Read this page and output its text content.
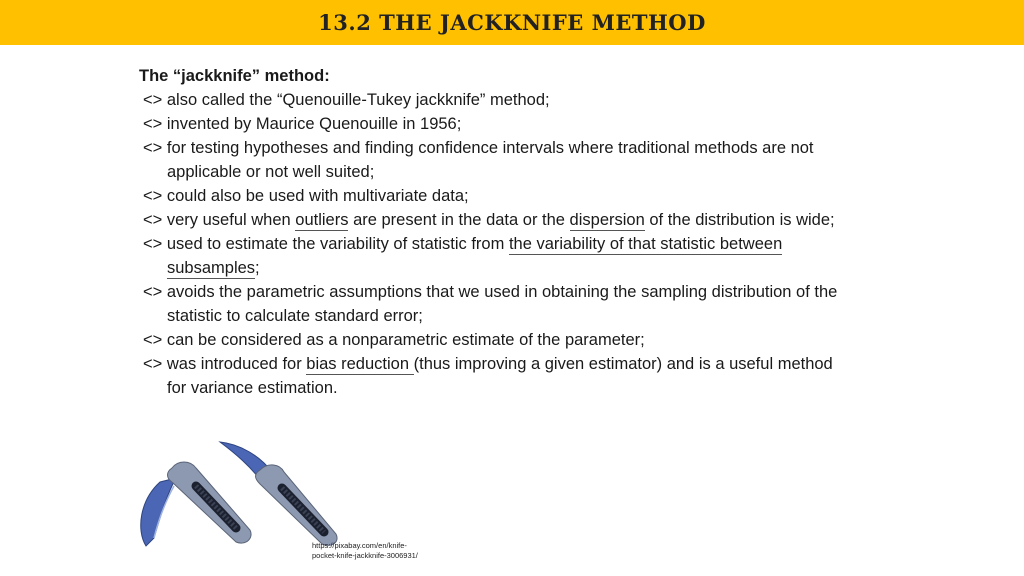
13.2 THE JACKKNIFE METHOD
The “jackknife” method:
<> also called the “Quenouille-Tukey jackknife” method;
<> invented by Maurice Quenouille in 1956;
<> for testing hypotheses and finding confidence intervals where traditional methods are not applicable or not well suited;
<> could also be used with multivariate data;
<> very useful when outliers are present in the data or the dispersion of the distribution is wide;
<> used to estimate the variability of statistic from the variability of that statistic between subsamples;
<> avoids the parametric assumptions that we used in obtaining the sampling distribution of the statistic to calculate standard error;
<> can be considered as a nonparametric estimate of the parameter;
<> was introduced for bias reduction (thus improving a given estimator) and is a useful method for variance estimation.
https://pixabay.com/en/knife-
pocket-knife-jackknife-3006931/
